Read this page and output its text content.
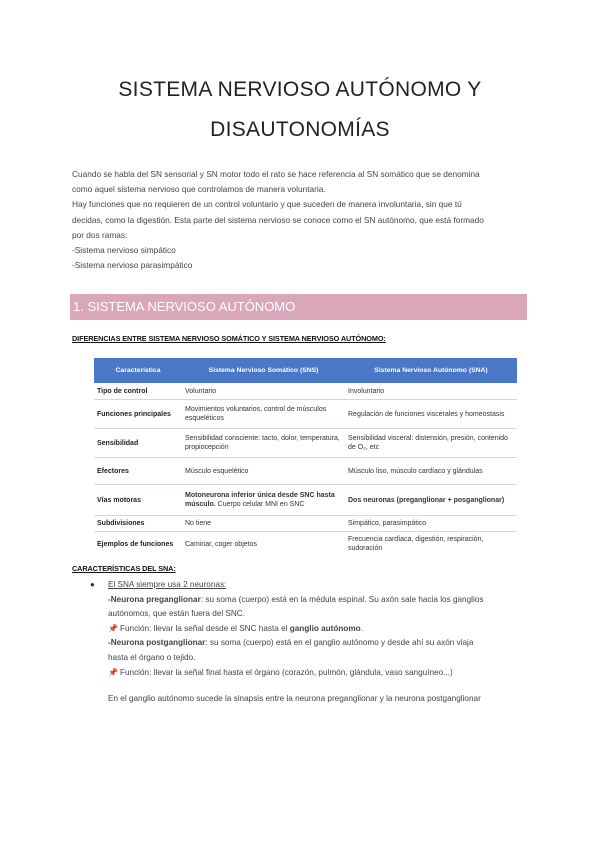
SISTEMA NERVIOSO AUTÓNOMO Y
DISAUTONOMÍAS

Cuando se habla del SN sensorial y SN motor todo el rato se hace referencia al SN somático que se denomina

como aquel sistema nervioso que controlamos de manera voluntaria.

Hay funciones que no requieren de un control voluntario y que suceden de manera involuntaria, sin que tú

decidas, como la digestión. Esta parte del sistema nervioso se conoce como el SN autónomo, que está formado

por dos ramas:

-Sistema nervioso simpático

-Sistema nervioso parasimpático

1. SISTEMA NERVIOSO AUTÓNOMO

DIFERENCIAS ENTRE SISTEMA NERVIOSO SOMÁTICO Y SISTEMA NERVIOSO AUTÓNOMO:

Característica	Sistema Nervioso Somático (SNS)	Sistema Nervioso Autónomo (SNA)
Tipo de control	Voluntario	Involuntario
Funciones principales	Movimientos voluntarios, control de músculos esqueléticos	Regulación de funciones viscerales y homeostasis
Sensibilidad	Sensibilidad consciente: tacto, dolor, temperatura, propiocepción	Sensibilidad visceral: distensión, presión, contenido de O₂, etc
Efectores	Músculo esquelético	Músculo liso, músculo cardíaco y glándulas
Vías motoras	Motoneurona inferior única desde SNC hasta músculo. Cuerpo celular MNI en SNC	Dos neuronas (preganglionar + posganglionar)
Subdivisiones	No tiene	Simpático, parasimpático
Ejemplos de funciones	Caminar, coger objetos	Frecuencia cardíaca, digestión, respiración, sudoración

CARACTERÍSTICAS DEL SNA:

● El SNA siempre usa 2 neuronas:

-Neurona preganglionar: su soma (cuerpo) está en la médula espinal. Su axón sale hacia los ganglios

autónomos, que están fuera del SNC.

📌 Función: llevar la señal desde el SNC hasta el ganglio autónomo.

-Neurona postganglionar: su soma (cuerpo) está en el ganglio autónomo y desde ahí su axón viaja

hasta el órgano o tejido.

📌 Función: llevar la señal final hasta el órgano (corazón, pulmón, glándula, vaso sanguíneo...)

En el ganglio autónomo sucede la sinapsis entre la neurona preganglionar y la neurona postganglionar
